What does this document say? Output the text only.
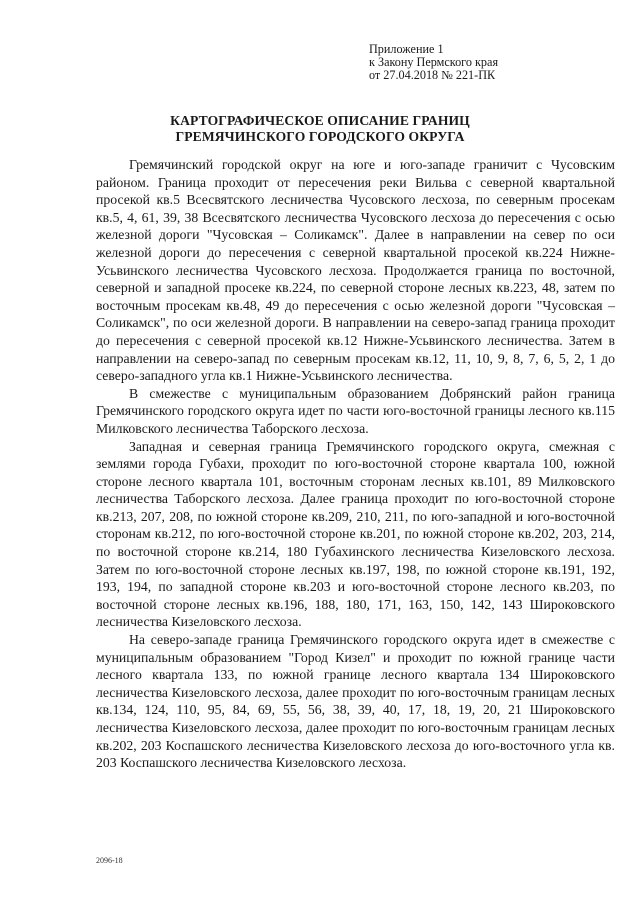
Приложение 1
к Закону Пермского края
от 27.04.2018 № 221-ПК
КАРТОГРАФИЧЕСКОЕ ОПИСАНИЕ ГРАНИЦ
ГРЕМЯЧИНСКОГО ГОРОДСКОГО ОКРУГА

Гремячинский городской округ на юге и юго-западе граничит с Чусовским районом. Граница проходит от пересечения реки Вильва с северной квартальной просекой кв.5 Всесвятского лесничества Чусовского лесхоза, по северным просекам кв.5, 4, 61, 39, 38 Всесвятского лесничества Чусовского лесхоза до пересечения с осью железной дороги "Чусовская – Соликамск". Далее в направлении на север по оси железной дороги до пересечения с северной квартальной просекой кв.224 Нижне-Усьвинского лесничества Чусовского лесхоза. Продолжается граница по восточной, северной и западной просеке кв.224, по северной стороне лесных кв.223, 48, затем по восточным просекам кв.48, 49 до пересечения с осью железной дороги "Чусовская – Соликамск", по оси железной дороги. В направлении на северо-запад граница проходит до пересечения с северной просекой кв.12 Нижне-Усьвинского лесничества. Затем в направлении на северо-запад по северным просекам кв.12, 11, 10, 9, 8, 7, 6, 5, 2, 1 до северо-западного угла кв.1 Нижне-Усьвинского лесничества.

В смежестве с муниципальным образованием Добрянский район граница Гремячинского городского округа идет по части юго-восточной границы лесного кв.115 Милковского лесничества Таборского лесхоза.

Западная и северная граница Гремячинского городского округа, смежная с землями города Губахи, проходит по юго-восточной стороне квартала 100, южной стороне лесного квартала 101, восточным сторонам лесных кв.101, 89 Милковского лесничества Таборского лесхоза. Далее граница проходит по юго-восточной стороне кв.213, 207, 208, по южной стороне кв.209, 210, 211, по юго-западной и юго-восточной сторонам кв.212, по юго-восточной стороне кв.201, по южной стороне кв.202, 203, 214, по восточной стороне кв.214, 180 Губахинского лесничества Кизеловского лесхоза. Затем по юго-восточной стороне лесных кв.197, 198, по южной стороне кв.191, 192, 193, 194, по западной стороне кв.203 и юго-восточной стороне лесного кв.203, по восточной стороне лесных кв.196, 188, 180, 171, 163, 150, 142, 143 Широковского лесничества Кизеловского лесхоза.

На северо-западе граница Гремячинского городского округа идет в смежестве с муниципальным образованием "Город Кизел" и проходит по южной границе части лесного квартала 133, по южной границе лесного квартала 134 Широковского лесничества Кизеловского лесхоза, далее проходит по юго-восточным границам лесных кв.134, 124, 110, 95, 84, 69, 55, 56, 38, 39, 40, 17, 18, 19, 20, 21 Широковского лесничества Кизеловского лесхоза, далее проходит по юго-восточным границам лесных кв.202, 203 Коспашского лесничества Кизеловского лесхоза до юго-восточного угла кв. 203 Коспашского лесничества Кизеловского лесхоза.

2096-18
